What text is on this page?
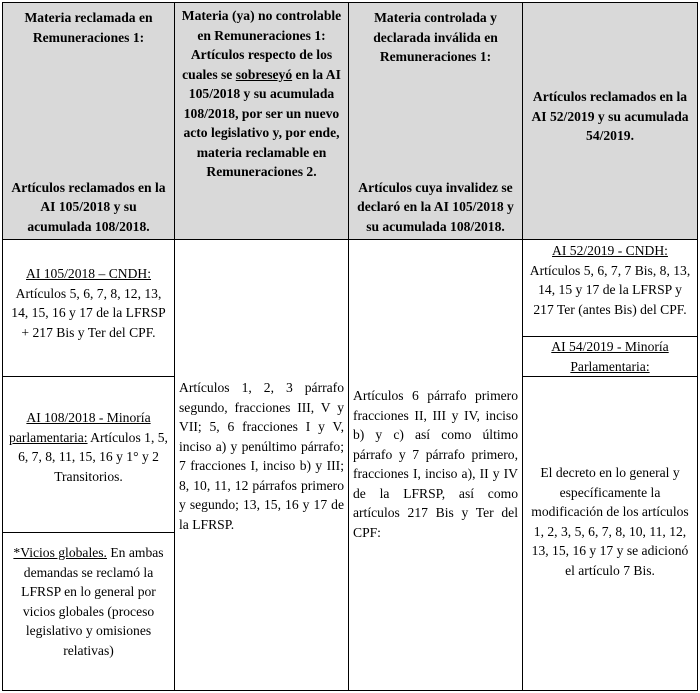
Materia reclamada en Remuneraciones 1:
Artículos reclamados en la AI 105/2018 y su acumulada 108/2018.
Materia (ya) no controlable en Remuneraciones 1: Artículos respecto de los cuales se sobreseyó en la AI 105/2018 y su acumulada 108/2018, por ser un nuevo acto legislativo y, por ende, materia reclamable en Remuneraciones 2.
Materia controlada y declarada inválida en Remuneraciones 1:
Artículos cuya invalidez se declaró en la AI 105/2018 y su acumulada 108/2018.
Artículos reclamados en la AI 52/2019 y su acumulada 54/2019.
AI 105/2018 – CNDH:
Artículos 5, 6, 7, 8, 12, 13, 14, 15, 16 y 17 de la LFRSP + 217 Bis y Ter del CPF.
AI 108/2018 - Minoría parlamentaria: Artículos 1, 5, 6, 7, 8, 11, 15, 16 y 1° y 2 Transitorios.
*Vicios globales. En ambas demandas se reclamó la LFRSP en lo general por vicios globales (proceso legislativo y omisiones relativas)
Artículos 1, 2, 3 párrafo segundo, fracciones III, V y VII; 5, 6 fracciones I y V, inciso a) y penúltimo párrafo; 7 fracciones I, inciso b) y III; 8, 10, 11, 12 párrafos primero y segundo; 13, 15, 16 y 17 de la LFRSP.
Artículos 6 párrafo primero fracciones II, III y IV, inciso b) y c) así como último párrafo y 7 párrafo primero, fracciones I, inciso a), II y IV de la LFRSP, así como artículos 217 Bis y Ter del CPF:
AI 52/2019 - CNDH:
Artículos 5, 6, 7, 7 Bis, 8, 13, 14, 15 y 17 de la LFRSP y 217 Ter (antes Bis) del CPF.
AI 54/2019 - Minoría Parlamentaria:
El decreto en lo general y específicamente la modificación de los artículos 1, 2, 3, 5, 6, 7, 8, 10, 11, 12, 13, 15, 16 y 17 y se adicionó el artículo 7 Bis.
